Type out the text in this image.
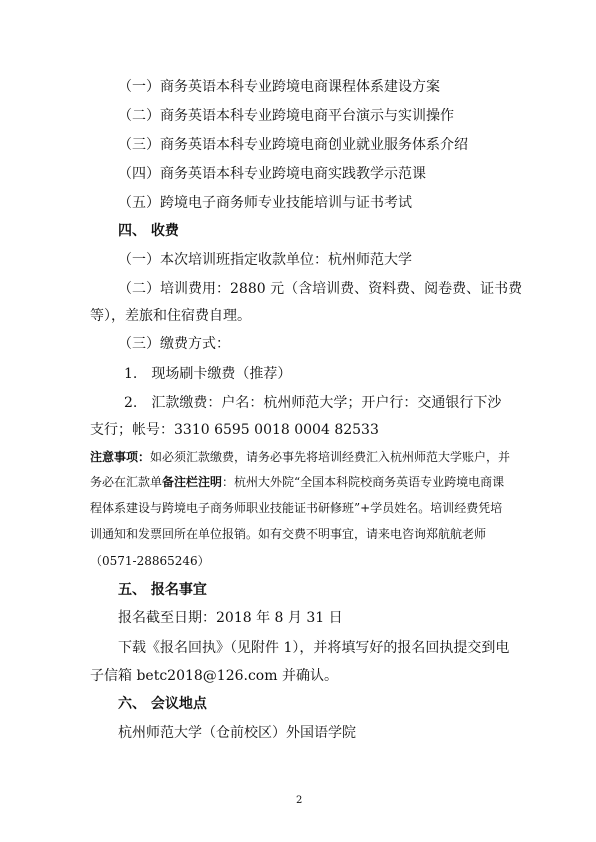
（一）商务英语本科专业跨境电商课程体系建设方案
（二）商务英语本科专业跨境电商平台演示与实训操作
（三）商务英语本科专业跨境电商创业就业服务体系介绍
（四）商务英语本科专业跨境电商实践教学示范课
（五）跨境电子商务师专业技能培训与证书考试
四、 收费
（一）本次培训班指定收款单位：杭州师范大学
（二）培训费用：2880 元（含培训费、资料费、阅卷费、证书费
等），差旅和住宿费自理。
（三）缴费方式：
1.　现场刷卡缴费（推荐）
2.　汇款缴费：户名：杭州师范大学；开户行：交通银行下沙
支行；帐号：3310 6595 0018 0004 82533
注意事项：如必须汇款缴费，请务必事先将培训经费汇入杭州师范大学账户，并
务必在汇款单备注栏注明：杭州大外院“全国本科院校商务英语专业跨境电商课
程体系建设与跨境电子商务师职业技能证书研修班”+学员姓名。培训经费凭培
训通知和发票回所在单位报销。如有交费不明事宜，请来电咨询郑航航老师
（0571-28865246）
五、 报名事宜
报名截至日期：2018 年 8 月 31 日
下载《报名回执》（见附件 1），并将填写好的报名回执提交到电
子信箱 betc2018@126.com 并确认。
六、 会议地点
杭州师范大学（仓前校区）外国语学院
2
